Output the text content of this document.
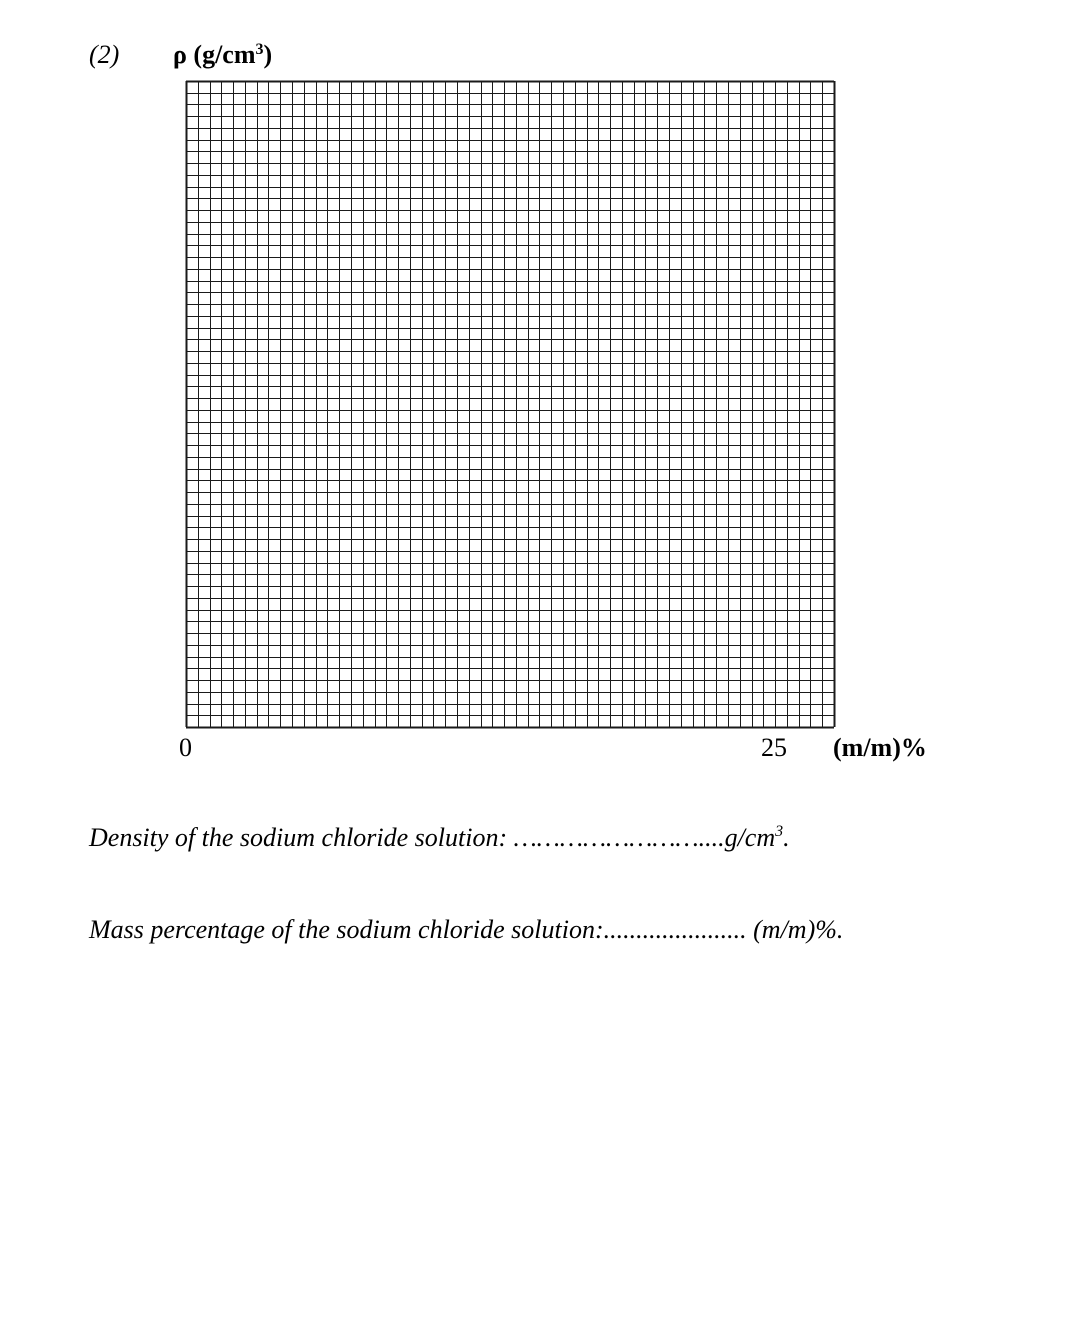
(2) ρ $(g/cm^3)$
0	25 (m/m)%
Density of the sodium chloride solution: $\dots\dots\dots\dots\dots\dots\dots\dots....g/cm^3$.
Mass percentage of the sodium chloride solution:...................... (m/m)%.
